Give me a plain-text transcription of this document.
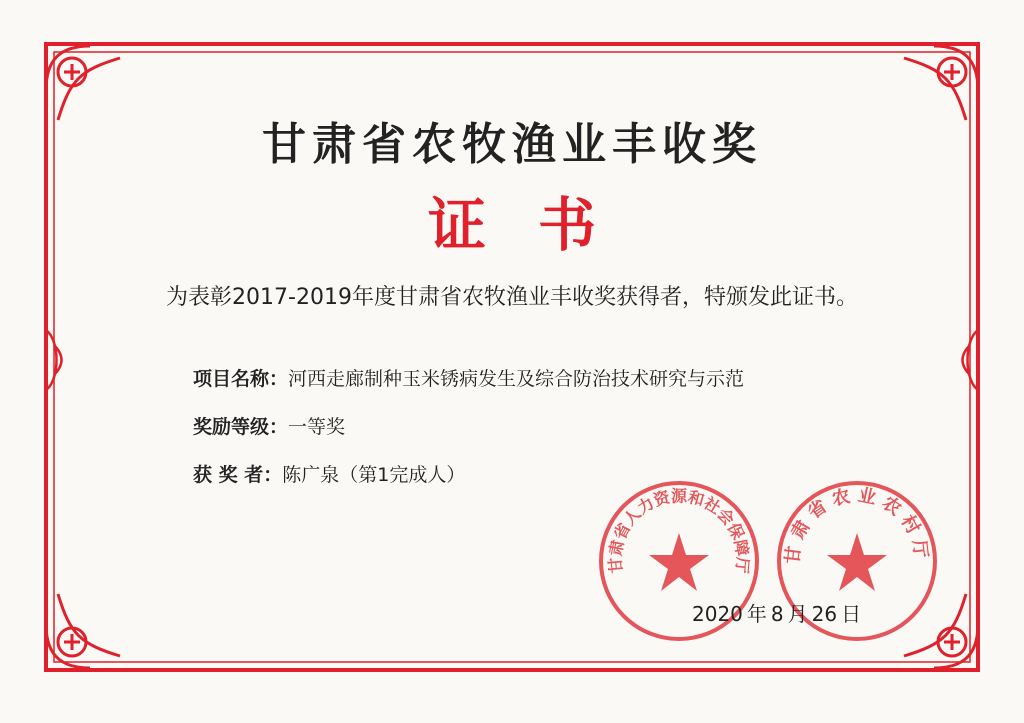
甘肃省农牧渔业丰收奖
证书
为表彰2017-2019年度甘肃省农牧渔业丰收奖获得者，特颁发此证书。
项目名称：河西走廊制种玉米锈病发生及综合防治技术研究与示范
奖励等级：一等奖
获 奖 者：陈广泉（第1完成人）
甘肃省人力资源和社会保障厅
甘肃省农业农村厅
2020 年 8 月 26 日
